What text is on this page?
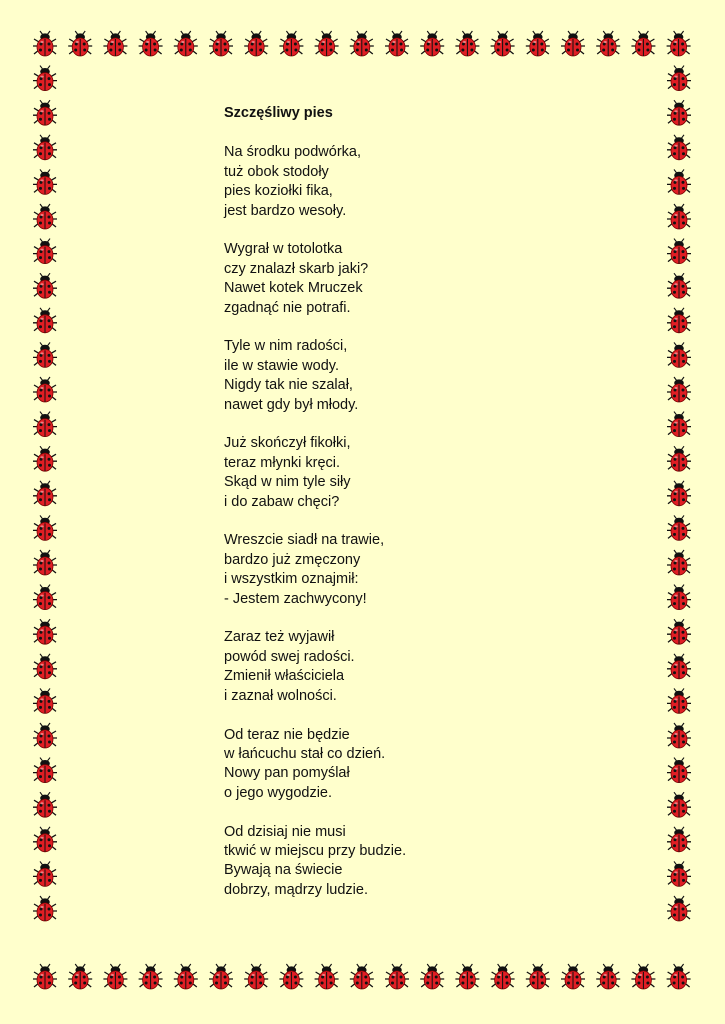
Szczęśliwy pies
Na środku podwórka,
tuż obok stodoły
pies koziołki fika,
jest bardzo wesoły.
Wygrał w totolotka
czy znalazł skarb jaki?
Nawet kotek Mruczek
zgadnąć nie potrafi.
Tyle w nim radości,
ile w stawie wody.
Nigdy tak nie szalał,
nawet gdy był młody.
Już skończył fikołki,
teraz młynki kręci.
Skąd w nim tyle siły
i do zabaw chęci?
Wreszcie siadł na trawie,
bardzo już zmęczony
i wszystkim oznajmił:
- Jestem zachwycony!
Zaraz też wyjawił
powód swej radości.
Zmienił właściciela
i zaznał wolności.
Od teraz nie będzie
w łańcuchu stał co dzień.
Nowy pan pomyślał
o jego wygodzie.
Od dzisiaj nie musi
tkwić w miejscu przy budzie.
Bywają na świecie
dobrzy, mądrzy ludzie.
